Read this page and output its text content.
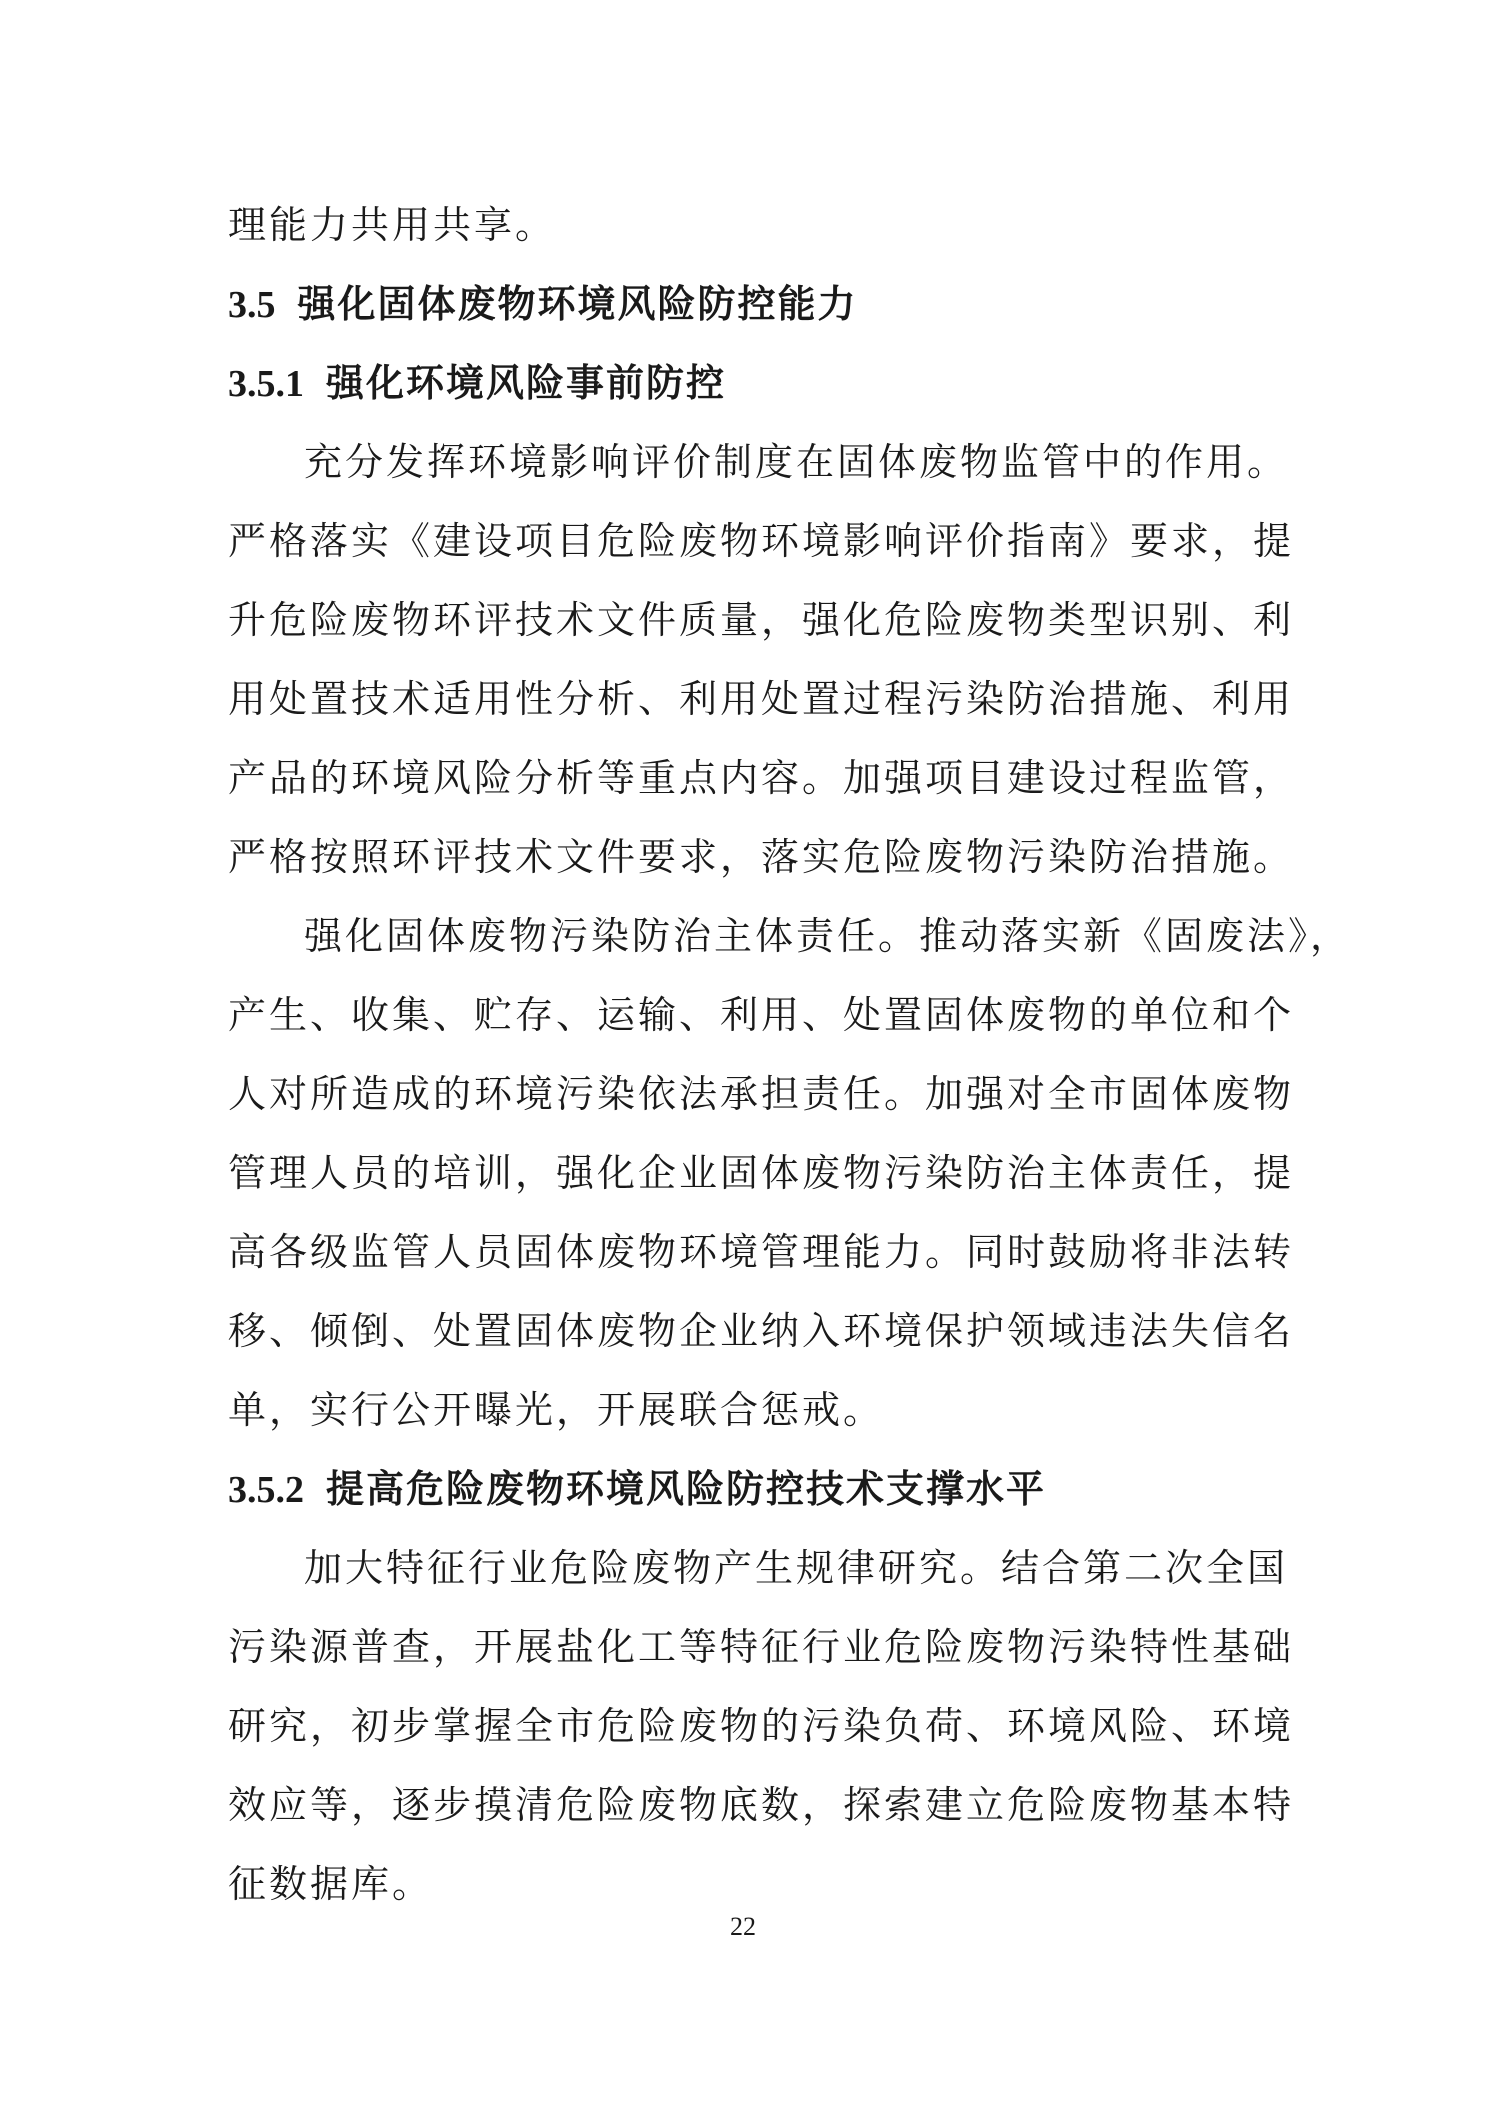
理能力共用共享。
3.5 强化固体废物环境风险防控能力
3.5.1 强化环境风险事前防控
充分发挥环境影响评价制度在固体废物监管中的作用。
严格落实《建设项目危险废物环境影响评价指南》要求，提
升危险废物环评技术文件质量，强化危险废物类型识别、利
用处置技术适用性分析、利用处置过程污染防治措施、利用
产品的环境风险分析等重点内容。加强项目建设过程监管，
严格按照环评技术文件要求，落实危险废物污染防治措施。
强化固体废物污染防治主体责任。推动落实新《固废法》，
产生、收集、贮存、运输、利用、处置固体废物的单位和个
人对所造成的环境污染依法承担责任。加强对全市固体废物
管理人员的培训，强化企业固体废物污染防治主体责任，提
高各级监管人员固体废物环境管理能力。同时鼓励将非法转
移、倾倒、处置固体废物企业纳入环境保护领域违法失信名
单，实行公开曝光，开展联合惩戒。
3.5.2 提高危险废物环境风险防控技术支撑水平
加大特征行业危险废物产生规律研究。结合第二次全国
污染源普查，开展盐化工等特征行业危险废物污染特性基础
研究，初步掌握全市危险废物的污染负荷、环境风险、环境
效应等，逐步摸清危险废物底数，探索建立危险废物基本特
征数据库。
22
